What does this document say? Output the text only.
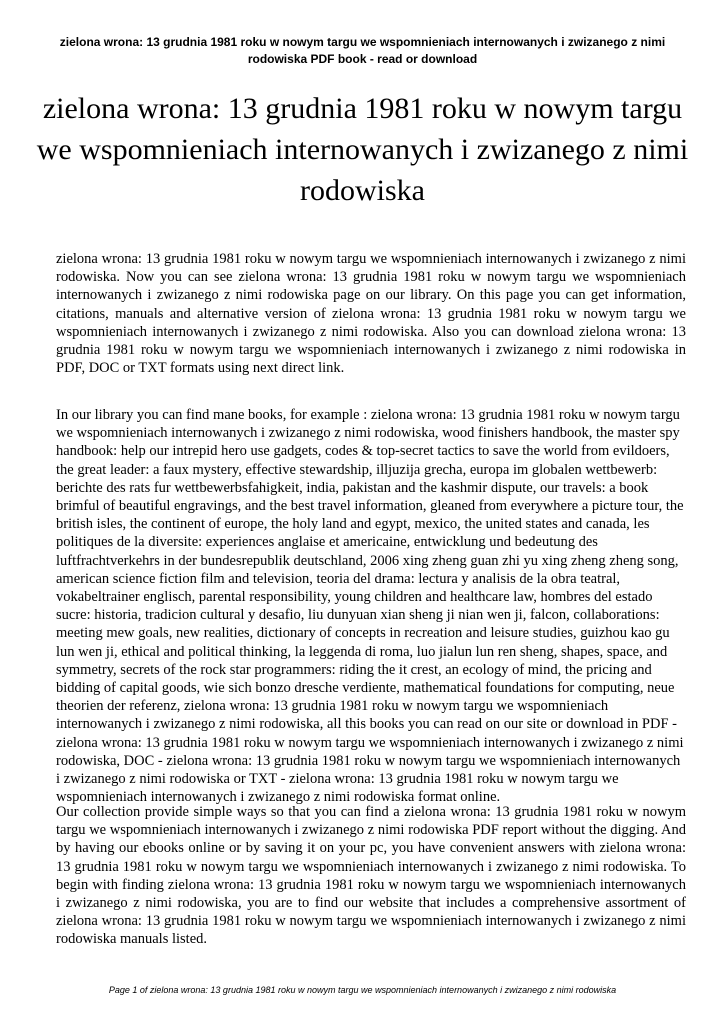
zielona wrona: 13 grudnia 1981 roku w nowym targu we wspomnieniach internowanych i zwizanego z nimi rodowiska PDF book - read or download
zielona wrona: 13 grudnia 1981 roku w nowym targu we wspomnieniach internowanych i zwizanego z nimi rodowiska

zielona wrona: 13 grudnia 1981 roku w nowym targu we wspomnieniach internowanych i zwizanego z nimi rodowiska. Now you can see zielona wrona: 13 grudnia 1981 roku w nowym targu we wspomnieniach internowanych i zwizanego z nimi rodowiska page on our library. On this page you can get information, citations, manuals and alternative version of zielona wrona: 13 grudnia 1981 roku w nowym targu we wspomnieniach internowanych i zwizanego z nimi rodowiska. Also you can download zielona wrona: 13 grudnia 1981 roku w nowym targu we wspomnieniach internowanych i zwizanego z nimi rodowiska in PDF, DOC or TXT formats using next direct link.

In our library you can find mane books, for example : zielona wrona: 13 grudnia 1981 roku w nowym targu we wspomnieniach internowanych i zwizanego z nimi rodowiska, wood finishers handbook, the master spy handbook: help our intrepid hero use gadgets, codes & top-secret tactics to save the world from evildoers, the great leader: a faux mystery, effective stewardship, illjuzija grecha, europa im globalen wettbewerb: berichte des rats fur wettbewerbsfahigkeit, india, pakistan and the kashmir dispute, our travels: a book brimful of beautiful engravings, and the best travel information, gleaned from everywhere a picture tour, the british isles, the continent of europe, the holy land and egypt, mexico, the united states and canada, les politiques de la diversite: experiences anglaise et americaine, entwicklung und bedeutung des luftfrachtverkehrs in der bundesrepublik deutschland, 2006 xing zheng guan zhi yu xing zheng zheng song, american science fiction film and television, teoria del drama: lectura y analisis de la obra teatral, vokabeltrainer englisch, parental responsibility, young children and healthcare law, hombres del estado sucre: historia, tradicion cultural y desafio, liu dunyuan xian sheng ji nian wen ji, falcon, collaborations: meeting mew goals, new realities, dictionary of concepts in recreation and leisure studies, guizhou kao gu lun wen ji, ethical and political thinking, la leggenda di roma, luo jialun lun ren sheng, shapes, space, and symmetry, secrets of the rock star programmers: riding the it crest, an ecology of mind, the pricing and bidding of capital goods, wie sich bonzo dresche verdiente, mathematical foundations for computing, neue theorien der referenz, zielona wrona: 13 grudnia 1981 roku w nowym targu we wspomnieniach internowanych i zwizanego z nimi rodowiska, all this books you can read on our site or download in PDF - zielona wrona: 13 grudnia 1981 roku w nowym targu we wspomnieniach internowanych i zwizanego z nimi rodowiska, DOC - zielona wrona: 13 grudnia 1981 roku w nowym targu we wspomnieniach internowanych i zwizanego z nimi rodowiska or TXT - zielona wrona: 13 grudnia 1981 roku w nowym targu we wspomnieniach internowanych i zwizanego z nimi rodowiska format online.

Our collection provide simple ways so that you can find a zielona wrona: 13 grudnia 1981 roku w nowym targu we wspomnieniach internowanych i zwizanego z nimi rodowiska PDF report without the digging. And by having our ebooks online or by saving it on your pc, you have convenient answers with zielona wrona: 13 grudnia 1981 roku w nowym targu we wspomnieniach internowanych i zwizanego z nimi rodowiska. To begin with finding zielona wrona: 13 grudnia 1981 roku w nowym targu we wspomnieniach internowanych i zwizanego z nimi rodowiska, you are to find our website that includes a comprehensive assortment of zielona wrona: 13 grudnia 1981 roku w nowym targu we wspomnieniach internowanych i zwizanego z nimi rodowiska manuals listed.

Page 1 of zielona wrona: 13 grudnia 1981 roku w nowym targu we wspomnieniach internowanych i zwizanego z nimi rodowiska
